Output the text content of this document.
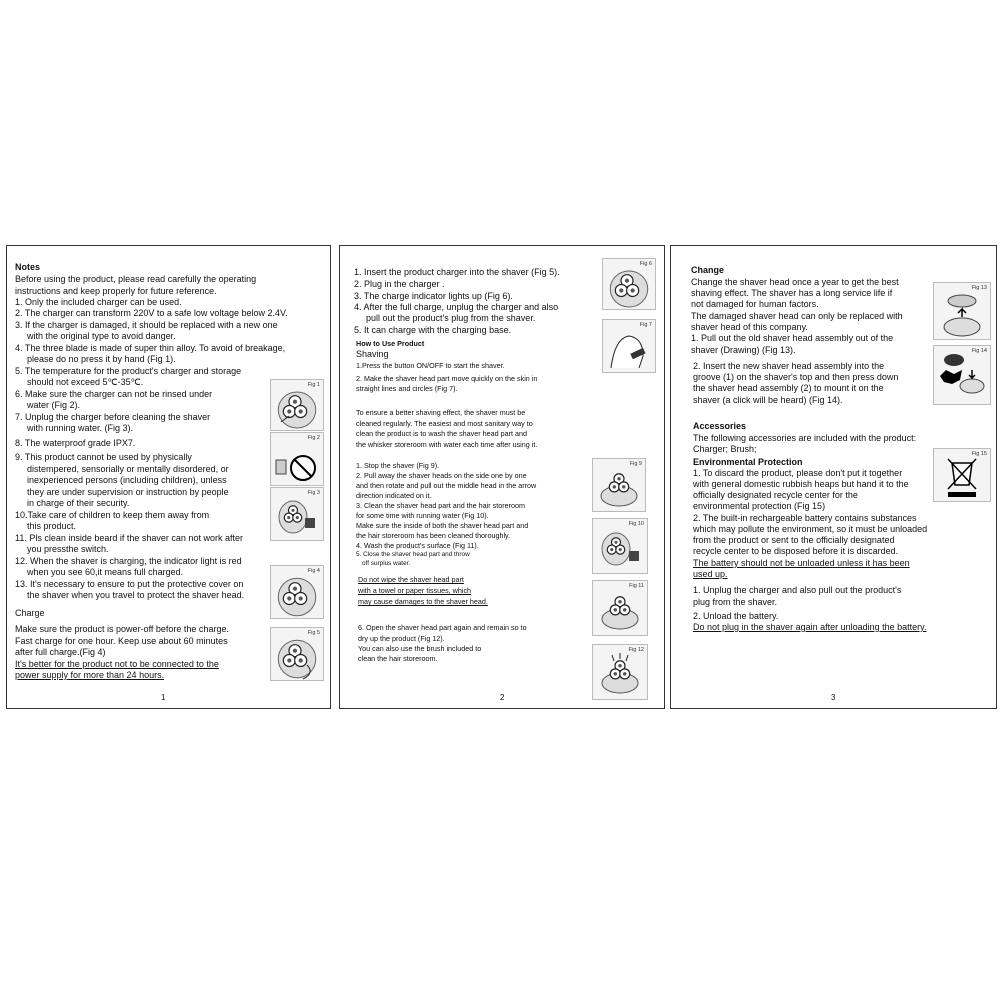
Notes
Before using the product, please read carefully the operating
instructions and keep properly for future reference.
1. Only the included charger can be used.
2. The charger can transform 220V to a safe low voltage below 2.4V.
3. If the charger is damaged, it should be replaced with a new one
with the original type to avoid danger.
4. The three blade is made of super thin alloy. To avoid of breakage,
please do no press it by hand (Fig 1).
5. The temperature for the product's charger and storage
should not exceed 5℃-35℃.
6. Make sure the charger can not be rinsed under
water (Fig 2).
7. Unplug the charger before cleaning the shaver
with running water. (Fig 3).
8. The waterproof grade IPX7.
9. This product cannot be used by physically
distempered, sensorially or mentally disordered, or
inexperienced persons (including children), unless
they are under supervision or instruction by people
in charge of their security.
10.Take care of children to keep them away from
this product.
11. Pls clean inside beard if the shaver can not work after
you pressthe switch.
12. When the shaver is charging, the indicator light is red
when you see 60,it means full charged.
13. It's necessary to ensure to put the protective cover on
the shaver when you travel to protect the shaver head.
Charge
Make sure the product is power-off before the charge.
Fast charge for one hour. Keep use about 60 minutes
after full charge.(Fig 4)
It's better for the product not to be connected to the
power supply for more than 24 hours.
Fig 1
Fig 2
Fig 3
Fig 4
Fig 5
1
1. Insert the product charger into the shaver (Fig 5).
2. Plug in the charger .
3. The charge indicator lights up (Fig 6).
4. After the full charge, unplug the charger and also
pull out the product's plug from the shaver.
5. It can charge with the charging base.
How to Use Product
Shaving
1.Press the button ON/OFF to start the shaver.
2. Make the shaver head part move quickly on the skin in
straight lines and circles (Fig 7).
To ensure a better shaving effect, the shaver must be
cleaned regularly. The easiest and most sanitary way to
clean the product is to wash the shaver head part and
the whisker storeroom with water each time after using it.
1. Stop the shaver (Fig 9).
2. Pull away the shaver heads on the side one by one
and then rotate and pull out the middle head in the arrow
direction indicated on it.
3. Clean the shaver head part and the hair storeroom
for some time with running water (Fig 10).
Make sure the inside of both the shaver head part and
the hair storeroom has been cleaned thoroughly.
4. Wash the product's surface (Fig 11).
5. Close the shaver head part and throw
off surplus water.
Do not wipe the shaver head part
with a towel or paper tissues, which
may cause damages to the shaver head.
6. Open the shaver head part again and remain so to
dry up the product (Fig 12).
You can also use the brush included to
clean the hair storeroom.
Fig 6
Fig 7
Fig 9
Fig 10
Fig 11
Fig 12
2
Change
Change the shaver head once a year to get the best
shaving effect. The shaver has a long service life if
not damaged for human factors.
The damaged shaver head can only be replaced with
shaver head of this company.
1. Pull out the old shaver head assembly out of the
shaver (Drawing) (Fig 13).
2. Insert the new shaver head assembly into the
groove (1) on the shaver's top and then press down
the shaver head assembly (2) to mount it on the
shaver (a click will be heard) (Fig 14).
Accessories
The following accessories are included with the product:
Charger; Brush;
Environmental Protection
1. To discard the product, please don't put it together
with general domestic rubbish heaps but hand it to the
officially designated recycle center for the
environmental protection (Fig 15)
2. The built-in rechargeable battery contains substances
which may pollute the environment, so it must be unloaded
from the product or sent to the officially designated
recycle center to be disposed before it is discarded.
The battery should not be unloaded unless it has been
used up.
1. Unplug the charger and also pull out the product's
plug from the shaver.
2. Unload the battery.
Do not plug in the shaver again after unloading the battery.
Fig 13
Fig 14
Fig 15
3
